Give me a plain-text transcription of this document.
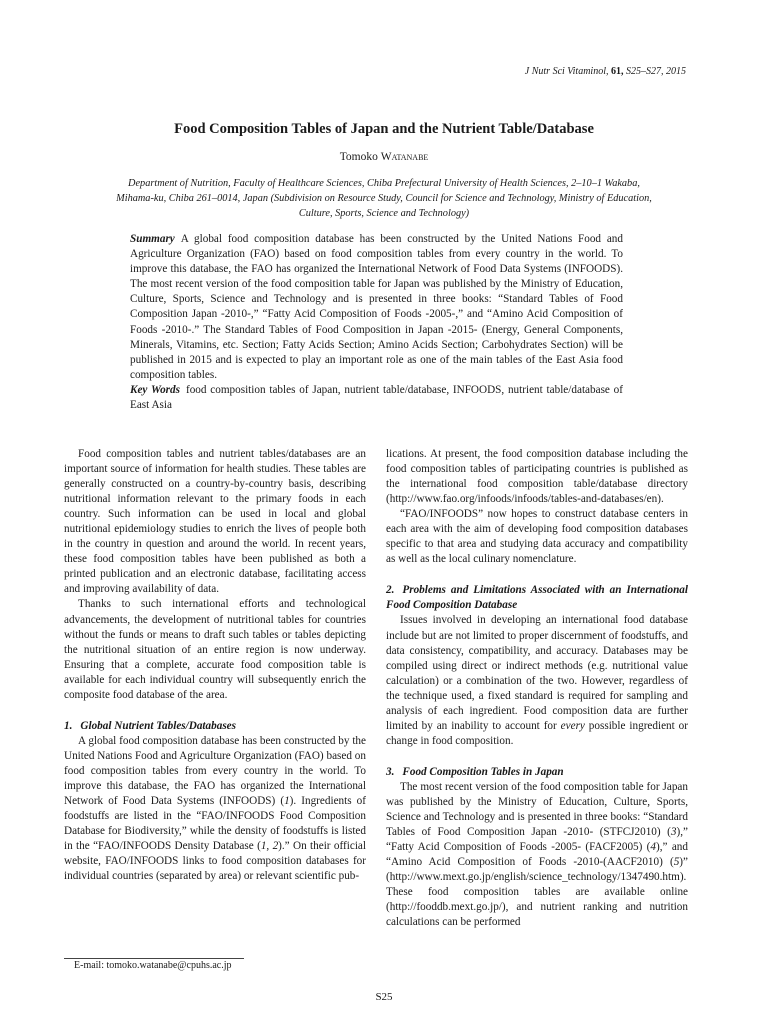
J Nutr Sci Vitaminol, 61, S25–S27, 2015
Food Composition Tables of Japan and the Nutrient Table/Database
Tomoko Watanabe
Department of Nutrition, Faculty of Healthcare Sciences, Chiba Prefectural University of Health Sciences, 2–10–1 Wakaba, Mihama-ku, Chiba 261–0014, Japan (Subdivision on Resource Study, Council for Science and Technology, Ministry of Education, Culture, Sports, Science and Technology)

Summary A global food composition database has been constructed by the United Nations Food and Agriculture Organization (FAO) based on food composition tables from every country in the world. To improve this database, the FAO has organized the International Network of Food Data Systems (INFOODS). The most recent version of the food composition table for Japan was published by the Ministry of Education, Culture, Sports, Science and Technology and is presented in three books: “Standard Tables of Food Composition Japan -2010-,” “Fatty Acid Composition of Foods -2005-,” and “Amino Acid Composition of Foods -2010-.” The Standard Tables of Food Composition in Japan -2015- (Energy, General Components, Minerals, Vitamins, etc. Section; Fatty Acids Section; Amino Acids Section; Carbohydrates Section) will be published in 2015 and is expected to play an important role as one of the main tables of the East Asia food composition tables.

Key Words food composition tables of Japan, nutrient table/database, INFOODS, nutrient table/database of East Asia

Food composition tables and nutrient tables/databases are an important source of information for health studies. These tables are generally constructed on a country-by-country basis, describing nutritional information relevant to the primary foods in each country. Such information can be used in local and global nutritional epidemiology studies to enrich the lives of people both in the country in question and around the world. In recent years, these food composition tables have been published as both a printed publication and an electronic database, facilitating access and improving availability of data.

Thanks to such international efforts and technological advancements, the development of nutritional tables for countries without the funds or means to draft such tables or tables depicting the nutritional situation of an entire region is now underway. Ensuring that a complete, accurate food composition table is available for each individual country will subsequently enrich the composite food database of the area.

1. Global Nutrient Tables/Databases

A global food composition database has been constructed by the United Nations Food and Agriculture Organization (FAO) based on food composition tables from every country in the world. To improve this database, the FAO has organized the International Network of Food Data Systems (INFOODS) (1). Ingredients of foodstuffs are listed in the “FAO/INFOODS Food Composition Database for Biodiversity,” while the density of foodstuffs is listed in the “FAO/INFOODS Density Database (1, 2).” On their official website, FAO/INFOODS links to food composition databases for individual countries (separated by area) or relevant scientific pub-

lications. At present, the food composition database including the food composition tables of participating countries is published as the international food composition table/database directory (http://www.fao.org/infoods/infoods/tables-and-databases/en).

“FAO/INFOODS” now hopes to construct database centers in each area with the aim of developing food composition databases specific to that area and studying data accuracy and compatibility as well as the local culinary nomenclature.

2. Problems and Limitations Associated with an International Food Composition Database

Issues involved in developing an international food database include but are not limited to proper discernment of foodstuffs, and data consistency, compatibility, and accuracy. Databases may be compiled using direct or indirect methods (e.g. nutritional value calculation) or a combination of the two. However, regardless of the technique used, a fixed standard is required for sampling and analysis of each ingredient. Food composition data are further limited by an inability to account for every possible ingredient or change in food composition.

3. Food Composition Tables in Japan

The most recent version of the food composition table for Japan was published by the Ministry of Education, Culture, Sports, Science and Technology and is presented in three books: “Standard Tables of Food Composition Japan -2010- (STFCJ2010) (3),” “Fatty Acid Composition of Foods -2005- (FACF2005) (4),” and “Amino Acid Composition of Foods -2010-(AACF2010) (5)” (http://www.mext.go.jp/english/science_technology/1347490.htm). These food composition tables are available online (http://fooddb.mext.go.jp/), and nutrient ranking and nutrition calculations can be performed

E-mail: tomoko.watanabe@cpuhs.ac.jp
S25
